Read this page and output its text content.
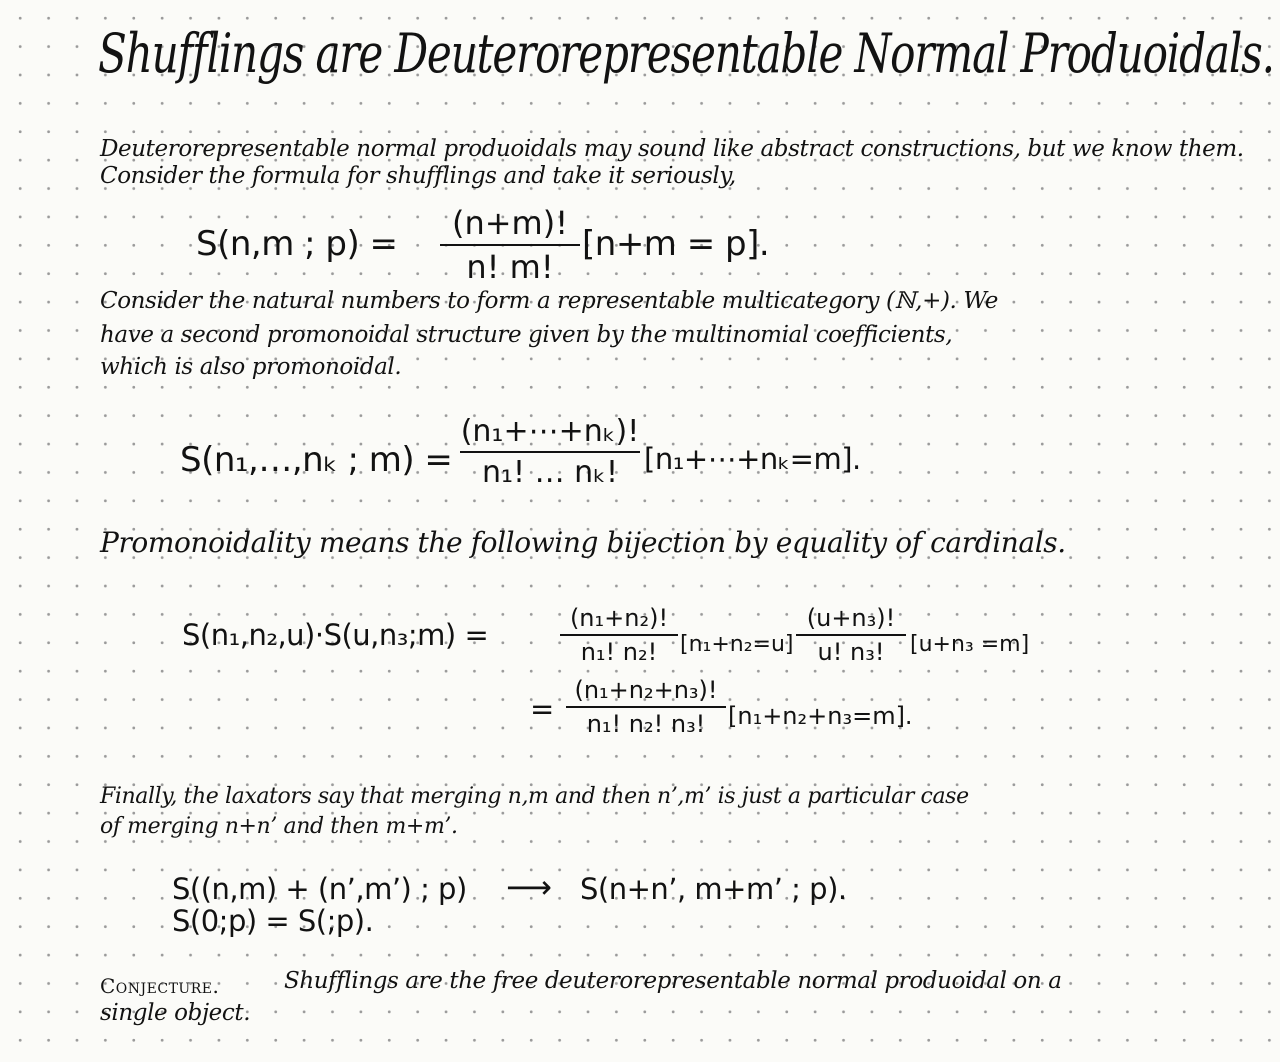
Shufflings are Deuterorepresentable Normal Produoidals.
Deuterorepresentable normal produoidals may sound like abstract constructions, but we know them.
Consider the formula for shufflings and take it seriously,
S(n,m ; p) =
(n+m)!
n! m!
[n+m = p].
Consider the natural numbers to form a representable multicategory (ℕ,+). We
have a second promonoidal structure given by the multinomial coefficients,
which is also promonoidal.
S(n₁,…,nₖ ; m) =
(n₁+⋯+nₖ)!
n₁! … nₖ! [n₁+⋯+nₖ=m].
Promonoidality means the following bijection by equality of cardinals.
S(n₁,n₂,u)·S(u,n₃;m) =	(n₁+n₂)!
n₁! n₂!	[n₁+n₂=u]
(u+n₃)!
u! n₃!	[u+n₃ =m]
=
(n₁+n₂+n₃)!
n₁! n₂! n₃! [n₁+n₂+n₃=m].
Finally, the laxators say that merging n,m and then n’,m’ is just a particular case
of merging n+n’ and then m+m’.
S((n,m) + (n’,m’) ; p) ⟶ S(n+n’, m+m’ ; p).
S(0;p) = S(;p).
Conjecture.	Shufflings are the free deuterorepresentable normal produoidal on a
single object.
